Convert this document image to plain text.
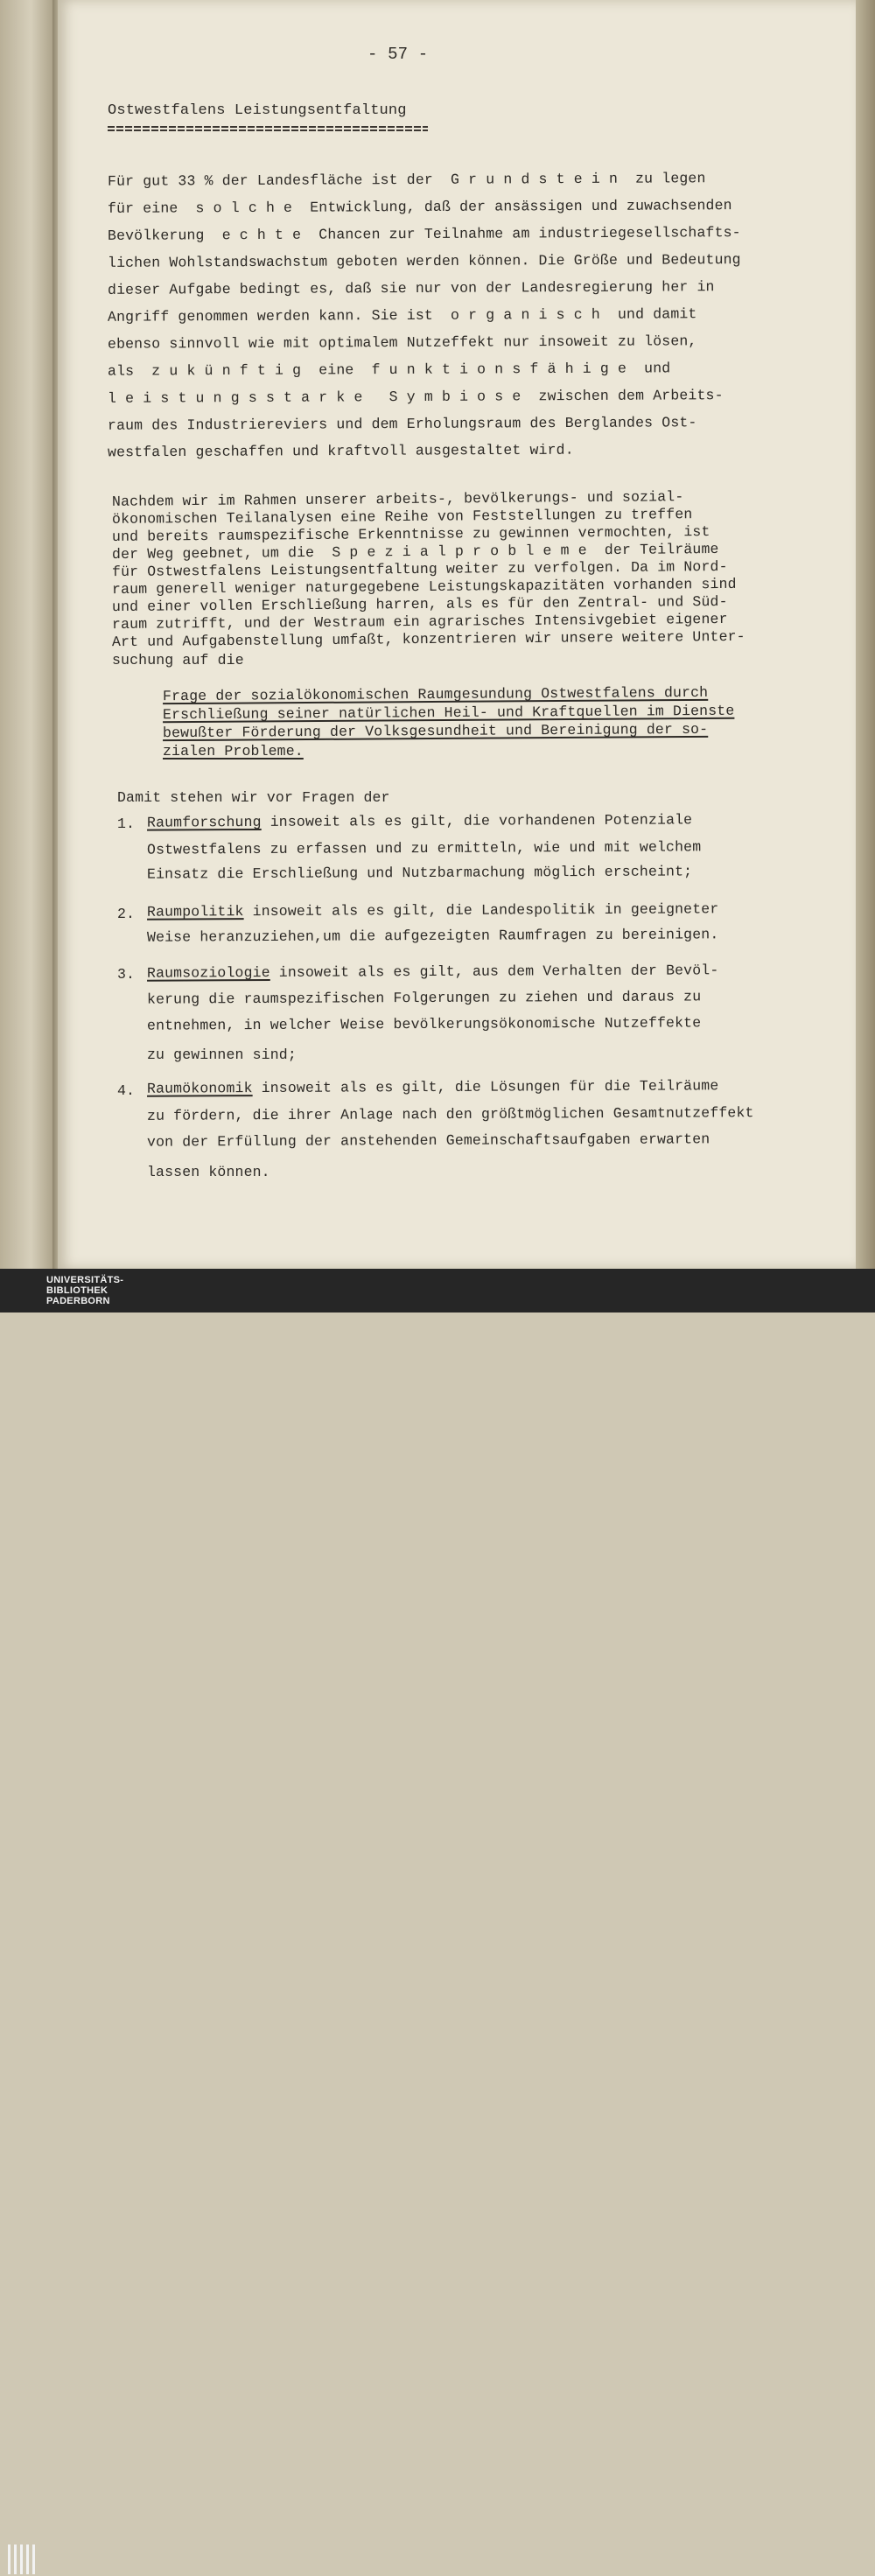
- 57 -
Ostwestfalens Leistungsentfaltung
Für gut 33 % der Landesfläche ist der  G r u n d s t e i n  zu legen
für eine  s o l c h e  Entwicklung, daß der ansässigen und zuwachsenden
Bevölkerung  e c h t e  Chancen zur Teilnahme am industriegesellschafts-
lichen Wohlstandswachstum geboten werden können. Die Größe und Bedeutung
dieser Aufgabe bedingt es, daß sie nur von der Landesregierung her in
Angriff genommen werden kann. Sie ist  o r g a n i s c h  und damit
ebenso sinnvoll wie mit optimalem Nutzeffekt nur insoweit zu lösen,
als  z u k ü n f t i g  eine  f u n k t i o n s f ä h i g e  und
l e i s t u n g s s t a r k e   S y m b i o s e  zwischen dem Arbeits-
raum des Industriereviers und dem Erholungsraum des Berglandes Ost-
westfalen geschaffen und kraftvoll ausgestaltet wird.
Nachdem wir im Rahmen unserer arbeits-, bevölkerungs- und sozial-
ökonomischen Teilanalysen eine Reihe von Feststellungen zu treffen
und bereits raumspezifische Erkenntnisse zu gewinnen vermochten, ist
der Weg geebnet, um die  S p e z i a l p r o b l e m e  der Teilräume
für Ostwestfalens Leistungsentfaltung weiter zu verfolgen. Da im Nord-
raum generell weniger naturgegebene Leistungskapazitäten vorhanden sind
und einer vollen Erschließung harren, als es für den Zentral- und Süd-
raum zutrifft, und der Westraum ein agrarisches Intensivgebiet eigener
Art und Aufgabenstellung umfaßt, konzentrieren wir unsere weitere Unter-
suchung auf die
Frage der sozialökonomischen Raumgesundung Ostwestfalens durch
Erschließung seiner natürlichen Heil- und Kraftquellen im Dienste
bewußter Förderung der Volksgesundheit und Bereinigung der so-
zialen Probleme.
Damit stehen wir vor Fragen der
1. Raumforschung insoweit als es gilt, die vorhandenen Potenziale
Ostwestfalens zu erfassen und zu ermitteln, wie und mit welchem
Einsatz die Erschließung und Nutzbarmachung möglich erscheint;
2. Raumpolitik insoweit als es gilt, die Landespolitik in geeigneter
Weise heranzuziehen,um die aufgezeigten Raumfragen zu bereinigen.
3. Raumsoziologie insoweit als es gilt, aus dem Verhalten der Bevöl-
kerung die raumspezifischen Folgerungen zu ziehen und daraus zu
entnehmen, in welcher Weise bevölkerungsökonomische Nutzeffekte
zu gewinnen sind;
4. Raumökonomik insoweit als es gilt, die Lösungen für die Teilräume
zu fördern, die ihrer Anlage nach den größtmöglichen Gesamtnutzeffekt
von der Erfüllung der anstehenden Gemeinschaftsaufgaben erwarten
lassen können.
UNIVERSITÄTS-
BIBLIOTHEK
PADERBORN
